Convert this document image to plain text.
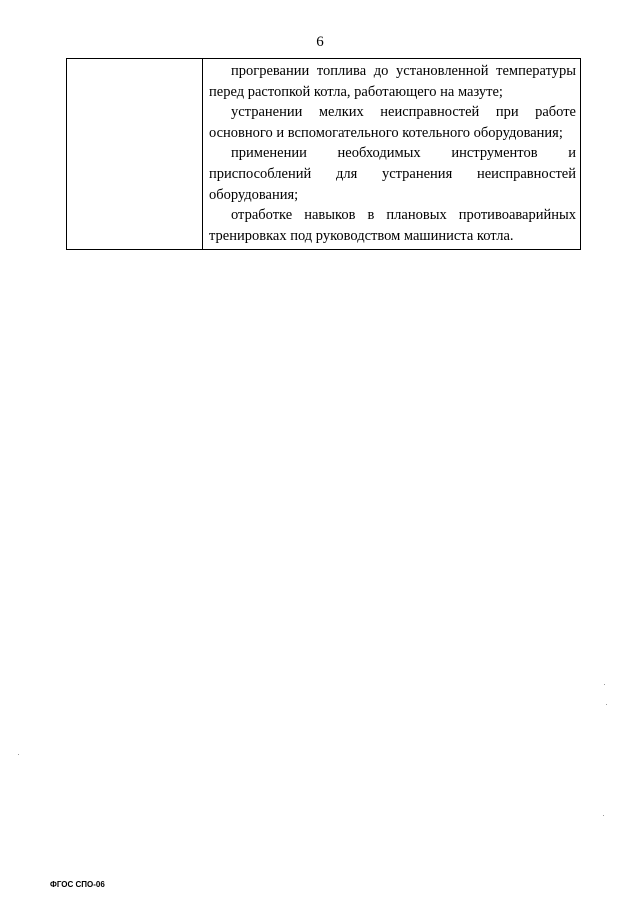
6

прогревании топлива до установленной температуры перед растопкой котла, работающего на мазуте;

устранении мелких неисправностей при работе основного и вспомогательного котельного оборудования;

применении необходимых инструментов и приспособлений для устранения неисправностей оборудования;

отработке навыков в плановых противоаварийных тренировках под руководством машиниста котла.

ФГОС СПО-06
